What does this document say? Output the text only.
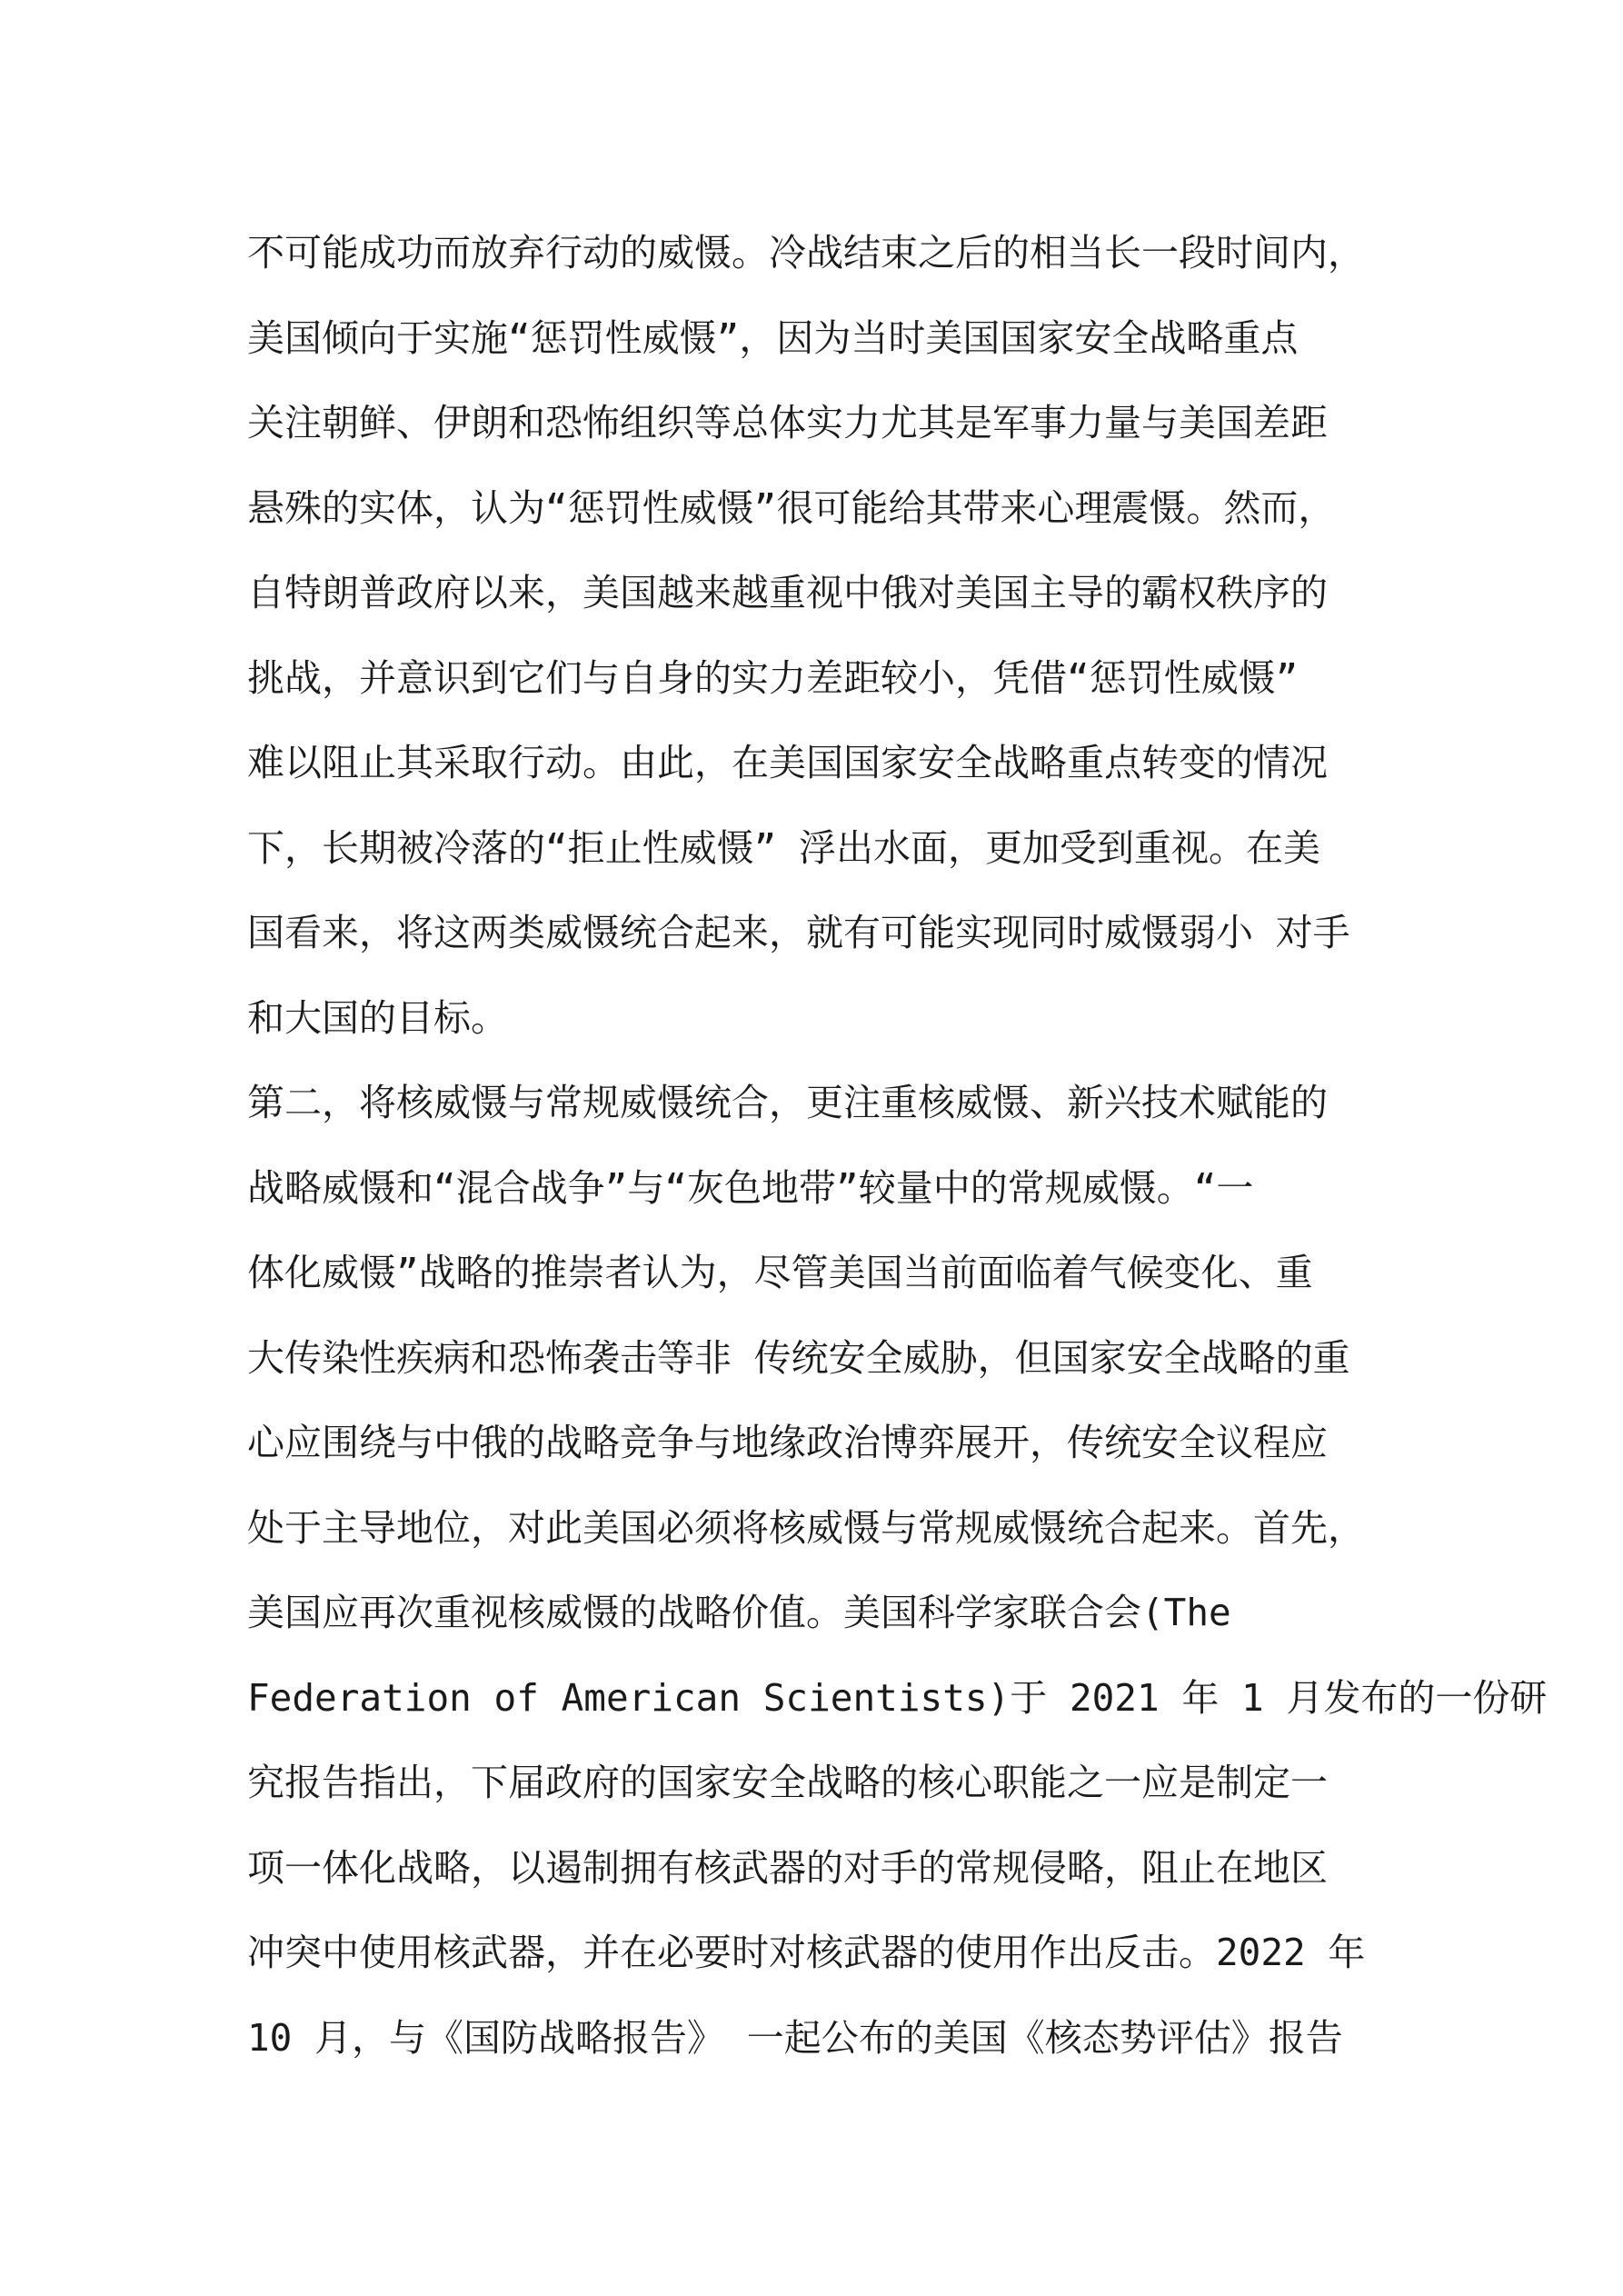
不可能成功而放弃行动的威慑。冷战结束之后的相当长一段时间内，
美国倾向于实施“惩罚性威慑”，因为当时美国国家安全战略重点
关注朝鲜、伊朗和恐怖组织等总体实力尤其是军事力量与美国差距
悬殊的实体，认为“惩罚性威慑”很可能给其带来心理震慑。然而，
自特朗普政府以来，美国越来越重视中俄对美国主导的霸权秩序的
挑战，并意识到它们与自身的实力差距较小，凭借“惩罚性威慑”
难以阻止其采取行动。由此，在美国国家安全战略重点转变的情况
下，长期被冷落的“拒止性威慑” 浮出水面，更加受到重视。在美
国看来，将这两类威慑统合起来，就有可能实现同时威慑弱小 对手
和大国的目标。
第二，将核威慑与常规威慑统合，更注重核威慑、新兴技术赋能的
战略威慑和“混合战争”与“灰色地带”较量中的常规威慑。“一
体化威慑”战略的推崇者认为，尽管美国当前面临着气候变化、重
大传染性疾病和恐怖袭击等非 传统安全威胁，但国家安全战略的重
心应围绕与中俄的战略竞争与地缘政治博弈展开，传统安全议程应
处于主导地位，对此美国必须将核威慑与常规威慑统合起来。首先，
美国应再次重视核威慑的战略价值。美国科学家联合会(The
Federation of American Scientists)于 2021 年 1 月发布的一份研
究报告指出，下届政府的国家安全战略的核心职能之一应是制定一
项一体化战略，以遏制拥有核武器的对手的常规侵略，阻止在地区
冲突中使用核武器，并在必要时对核武器的使用作出反击。2022 年
10 月，与《国防战略报告》 一起公布的美国《核态势评估》报告
